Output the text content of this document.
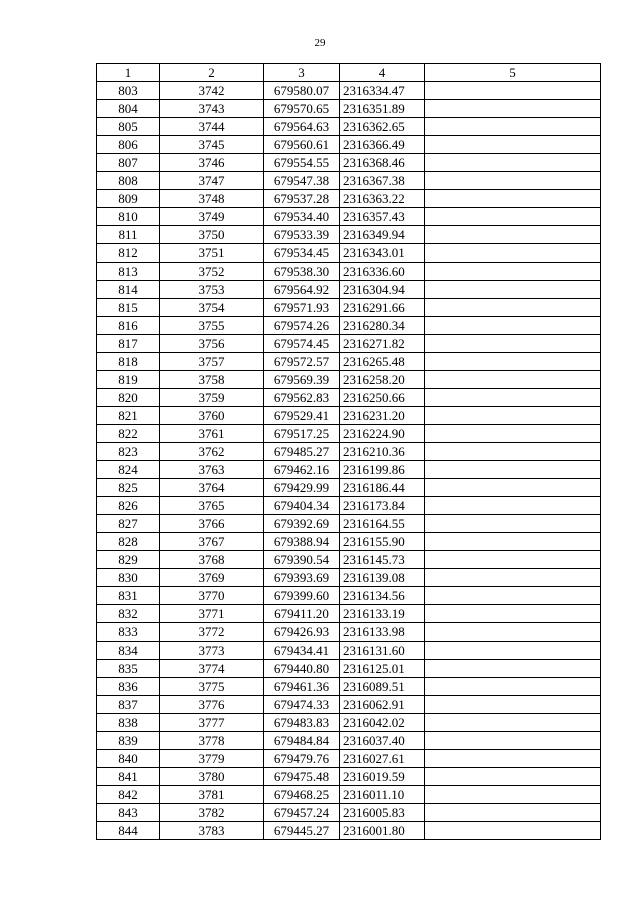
29
1	2	3	4	5
803	3742	679580.07	2316334.47	
804	3743	679570.65	2316351.89	
805	3744	679564.63	2316362.65	
806	3745	679560.61	2316366.49	
807	3746	679554.55	2316368.46	
808	3747	679547.38	2316367.38	
809	3748	679537.28	2316363.22	
810	3749	679534.40	2316357.43	
811	3750	679533.39	2316349.94	
812	3751	679534.45	2316343.01	
813	3752	679538.30	2316336.60	
814	3753	679564.92	2316304.94	
815	3754	679571.93	2316291.66	
816	3755	679574.26	2316280.34	
817	3756	679574.45	2316271.82	
818	3757	679572.57	2316265.48	
819	3758	679569.39	2316258.20	
820	3759	679562.83	2316250.66	
821	3760	679529.41	2316231.20	
822	3761	679517.25	2316224.90	
823	3762	679485.27	2316210.36	
824	3763	679462.16	2316199.86	
825	3764	679429.99	2316186.44	
826	3765	679404.34	2316173.84	
827	3766	679392.69	2316164.55	
828	3767	679388.94	2316155.90	
829	3768	679390.54	2316145.73	
830	3769	679393.69	2316139.08	
831	3770	679399.60	2316134.56	
832	3771	679411.20	2316133.19	
833	3772	679426.93	2316133.98	
834	3773	679434.41	2316131.60	
835	3774	679440.80	2316125.01	
836	3775	679461.36	2316089.51	
837	3776	679474.33	2316062.91	
838	3777	679483.83	2316042.02	
839	3778	679484.84	2316037.40	
840	3779	679479.76	2316027.61	
841	3780	679475.48	2316019.59	
842	3781	679468.25	2316011.10	
843	3782	679457.24	2316005.83	
844	3783	679445.27	2316001.80	
